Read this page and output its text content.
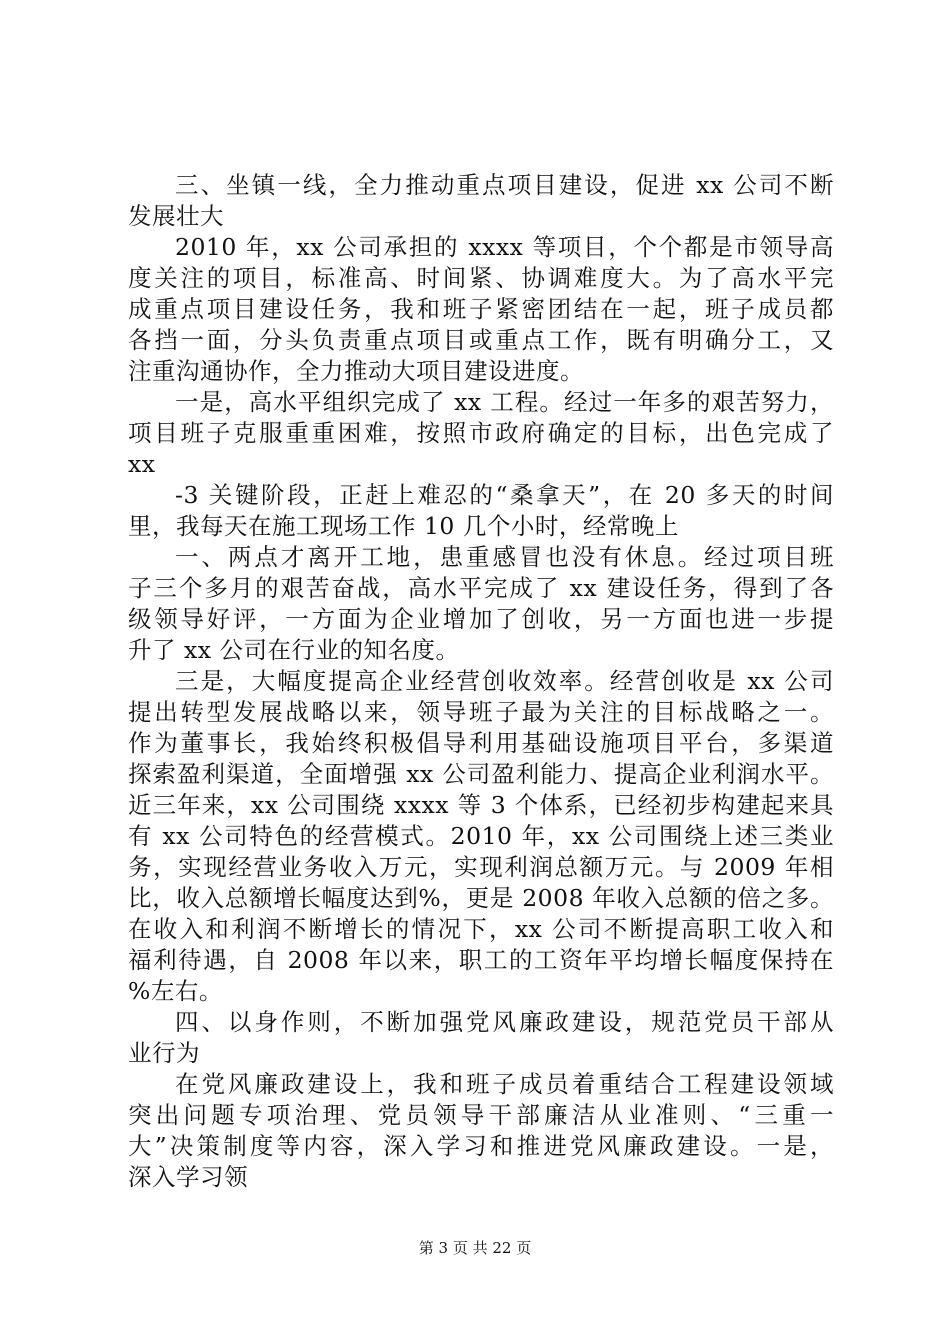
三、坐镇一线，全力推动重点项目建设，促进 xx 公司不断
发展壮大
2010 年，xx 公司承担的 xxxx 等项目，个个都是市领导高
度关注的项目，标准高、时间紧、协调难度大。为了高水平完
成重点项目建设任务，我和班子紧密团结在一起，班子成员都
各挡一面，分头负责重点项目或重点工作，既有明确分工，又
注重沟通协作，全力推动大项目建设进度。
一是，高水平组织完成了 xx 工程。经过一年多的艰苦努力，
项目班子克服重重困难，按照市政府确定的目标，出色完成了
xx
-3 关键阶段，正赶上难忍的“桑拿天”，在 20 多天的时间
里，我每天在施工现场工作 10 几个小时，经常晚上
一、两点才离开工地，患重感冒也没有休息。经过项目班
子三个多月的艰苦奋战，高水平完成了 xx 建设任务，得到了各
级领导好评，一方面为企业增加了创收，另一方面也进一步提
升了 xx 公司在行业的知名度。
三是，大幅度提高企业经营创收效率。经营创收是 xx 公司
提出转型发展战略以来，领导班子最为关注的目标战略之一。
作为董事长，我始终积极倡导利用基础设施项目平台，多渠道
探索盈利渠道，全面增强 xx 公司盈利能力、提高企业利润水平。
近三年来，xx 公司围绕 xxxx 等 3 个体系，已经初步构建起来具
有 xx 公司特色的经营模式。2010 年，xx 公司围绕上述三类业
务，实现经营业务收入万元，实现利润总额万元。与 2009 年相
比，收入总额增长幅度达到%，更是 2008 年收入总额的倍之多。
在收入和利润不断增长的情况下，xx 公司不断提高职工收入和
福利待遇，自 2008 年以来，职工的工资年平均增长幅度保持在
%左右。
四、以身作则，不断加强党风廉政建设，规范党员干部从
业行为
在党风廉政建设上，我和班子成员着重结合工程建设领域
突出问题专项治理、党员领导干部廉洁从业准则、“三重一
大”决策制度等内容，深入学习和推进党风廉政建设。一是，
深入学习领
第 3 页 共 22 页
